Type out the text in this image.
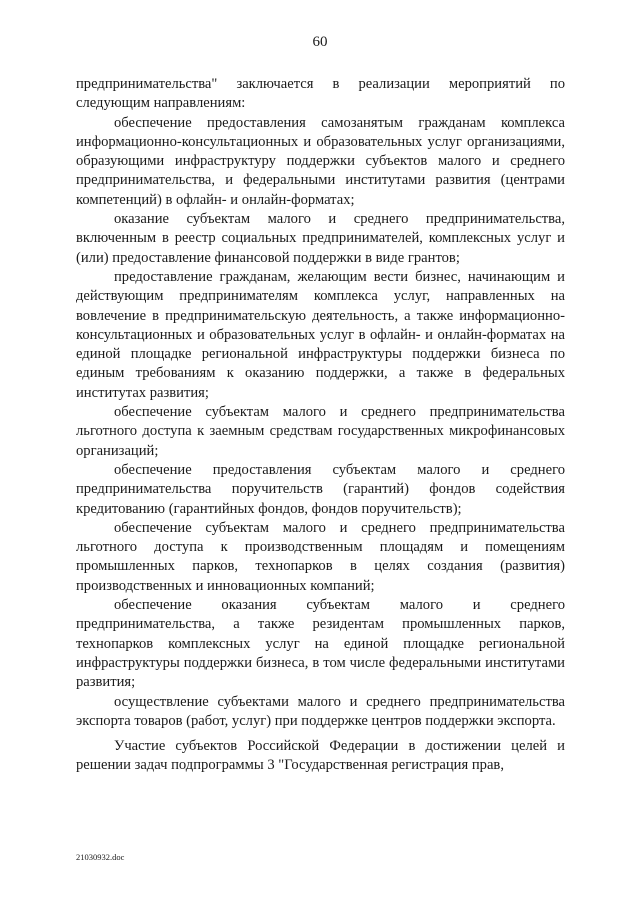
60

предпринимательства" заключается в реализации мероприятий по следующим направлениям:

обеспечение предоставления самозанятым гражданам комплекса информационно-консультационных и образовательных услуг организациями, образующими инфраструктуру поддержки субъектов малого и среднего предпринимательства, и федеральными институтами развития (центрами компетенций) в офлайн- и онлайн-форматах;

оказание субъектам малого и среднего предпринимательства, включенным в реестр социальных предпринимателей, комплексных услуг и (или) предоставление финансовой поддержки в виде грантов;

предоставление гражданам, желающим вести бизнес, начинающим и действующим предпринимателям комплекса услуг, направленных на вовлечение в предпринимательскую деятельность, а также информационно-консультационных и образовательных услуг в офлайн- и онлайн-форматах на единой площадке региональной инфраструктуры поддержки бизнеса по единым требованиям к оказанию поддержки, а также в федеральных институтах развития;

обеспечение субъектам малого и среднего предпринимательства льготного доступа к заемным средствам государственных микрофинансовых организаций;

обеспечение предоставления субъектам малого и среднего предпринимательства поручительств (гарантий) фондов содействия кредитованию (гарантийных фондов, фондов поручительств);

обеспечение субъектам малого и среднего предпринимательства льготного доступа к производственным площадям и помещениям промышленных парков, технопарков в целях создания (развития) производственных и инновационных компаний;

обеспечение оказания субъектам малого и среднего предпринимательства, а также резидентам промышленных парков, технопарков комплексных услуг на единой площадке региональной инфраструктуры поддержки бизнеса, в том числе федеральными институтами развития;

осуществление субъектами малого и среднего предпринимательства экспорта товаров (работ, услуг) при поддержке центров поддержки экспорта.

Участие субъектов Российской Федерации в достижении целей и решении задач подпрограммы 3 "Государственная регистрация прав,

21030932.doc
